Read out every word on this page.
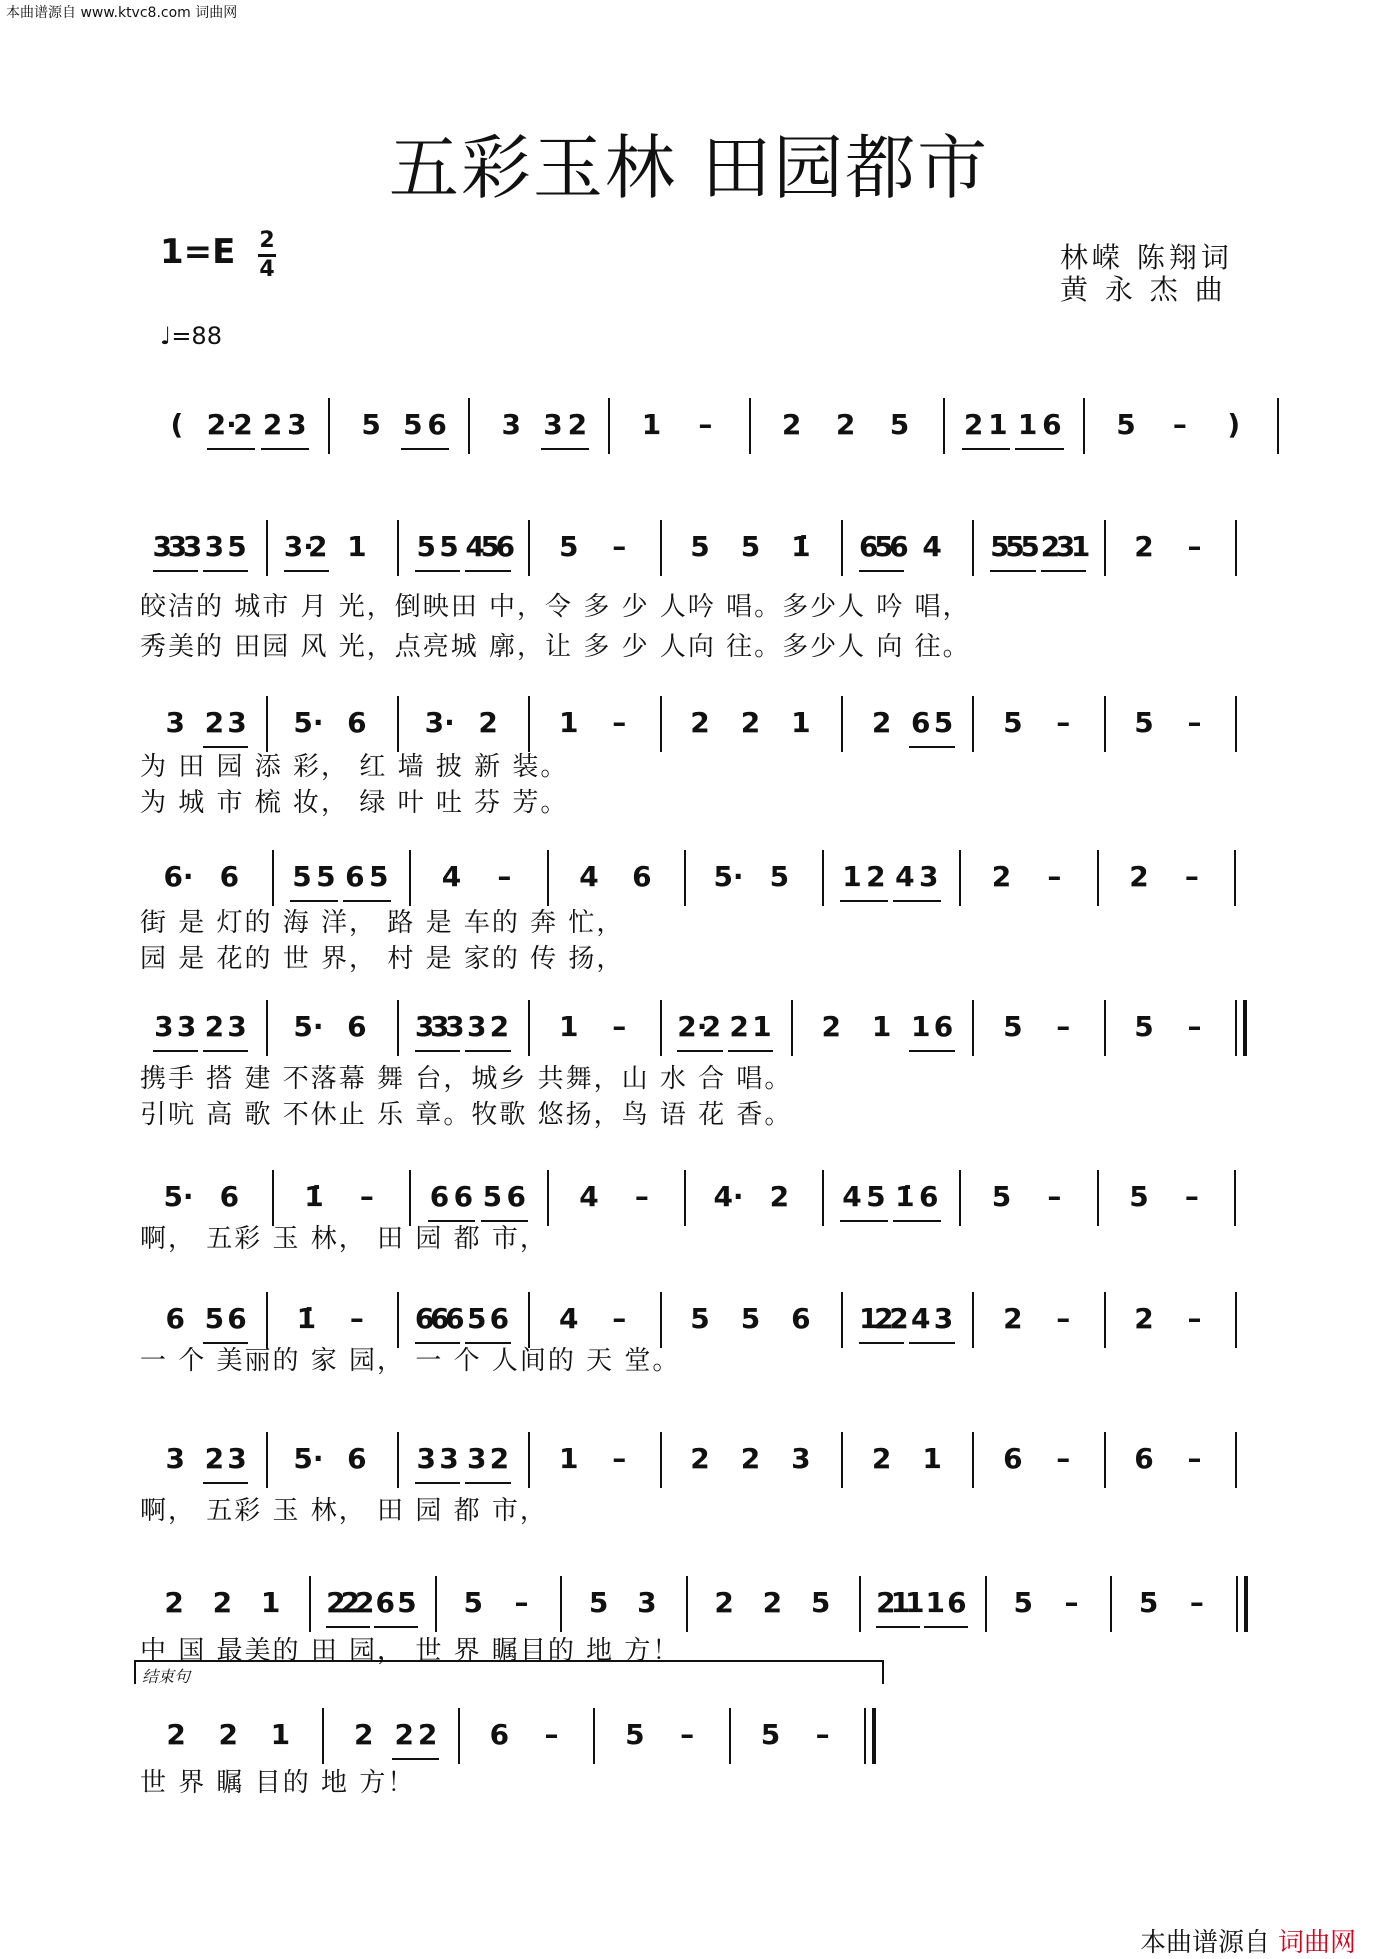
本曲谱源自 www.ktvc8.com 词曲网
五彩玉林 田园都市
1=E 2
4	林嵘 陈翔词
黄 永 杰 曲
♩=88
( 2·
2 2 3 5 5 6 3 3 2 1 – 2 2 5 2 1 1 6 5 – )
3
3
3 3 5 3·
2 1 5 5 4
5
6 5 – 5 5 1̇ 6
5
6 4 5
5
5 2
3
1 2 –
皎洁的 城市 月 光，倒映田 中，令 多 少 人吟 唱。多少人 吟 唱，
秀美的 田园 风 光，点亮城 廓，让 多 少 人向 往。多少人 向 往。
3 2 3 5· 6 3· 2 1 – 2 2 1 2 6 5 5 – 5 –
为 田 园 添 彩， 红 墙 披 新 装。
为 城 市 梳 妆， 绿 叶 吐 芬 芳。
6· 6 5 5 6 5 4 – 4 6 5· 5 1 2 4 3 2 – 2 –
街 是 灯的 海 洋， 路 是 车的 奔 忙，
园 是 花的 世 界， 村 是 家的 传 扬，
3 3 2 3 5· 6 3
3
3 3 2 1 – 2·
2 2 1 2 1 1 6 5 – 5 –
携手 搭 建 不落幕 舞 台，城乡 共舞，山 水 合 唱。
引吭 高 歌 不休止 乐 章。牧歌 悠扬，鸟 语 花 香。
5· 6 1̇ – 6 6 5 6 4 – 4· 2 4 5 1̇ 6 5 – 5 –
啊， 五彩 玉 林， 田 园 都 市，
6 5 6 1̇ – 6
6
6 5 6 4 – 5 5 6 1
2
2 4 3 2 – 2 –
一 个 美丽的 家 园， 一 个 人间的 天 堂。
3 2 3 5· 6 3 3 3 2 1 – 2 2 3 2 1 6 – 6 –
啊， 五彩 玉 林， 田 园 都 市，
2 2 1 2
2
2 6 5 5 – 5 3 2 2 5 2
1
1 1 6 5 – 5 –
中 国 最美的 田 园， 世 界 瞩目的 地 方！
2 2 1 2 2 2 6 – 5 – 5 –
世 界 瞩 目的 地 方！
结束句
本曲谱源自 词曲网
